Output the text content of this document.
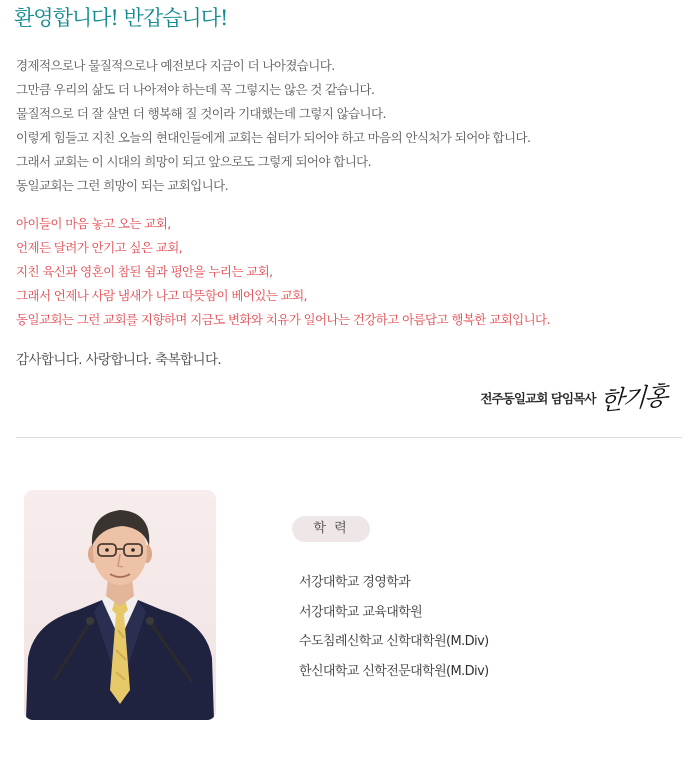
환영합니다! 반갑습니다!
경제적으로나 물질적으로나 예전보다 지금이 더 나아졌습니다.
그만큼 우리의 삶도 더 나아져야 하는데 꼭 그렇지는 않은 것 같습니다.
물질적으로 더 잘 살면 더 행복해 질 것이라 기대했는데 그렇지 않습니다.
이렇게 힘들고 지친 오늘의 현대인들에게 교회는 쉼터가 되어야 하고 마음의 안식처가 되어야 합니다.
그래서 교회는 이 시대의 희망이 되고 앞으로도 그렇게 되어야 합니다.
동일교회는 그런 희망이 되는 교회입니다.
아이들이 마음 놓고 오는 교회,
언제든 달려가 안기고 싶은 교회,
지친 육신과 영혼이 참된 쉼과 평안을 누리는 교회,
그래서 언제나 사람 냄새가 나고 따뜻함이 베어있는 교회,
동일교회는 그런 교회를 지향하며 지금도 변화와 치유가 일어나는 건강하고 아름답고 행복한 교회입니다.

감사합니다. 사랑합니다. 축복합니다.

전주동일교회 담임목사 한기홍
학 력
서강대학교 경영학과
서강대학교 교육대학원
수도침례신학교 신학대학원(M.Div)
한신대학교 신학전문대학원(M.Div)
